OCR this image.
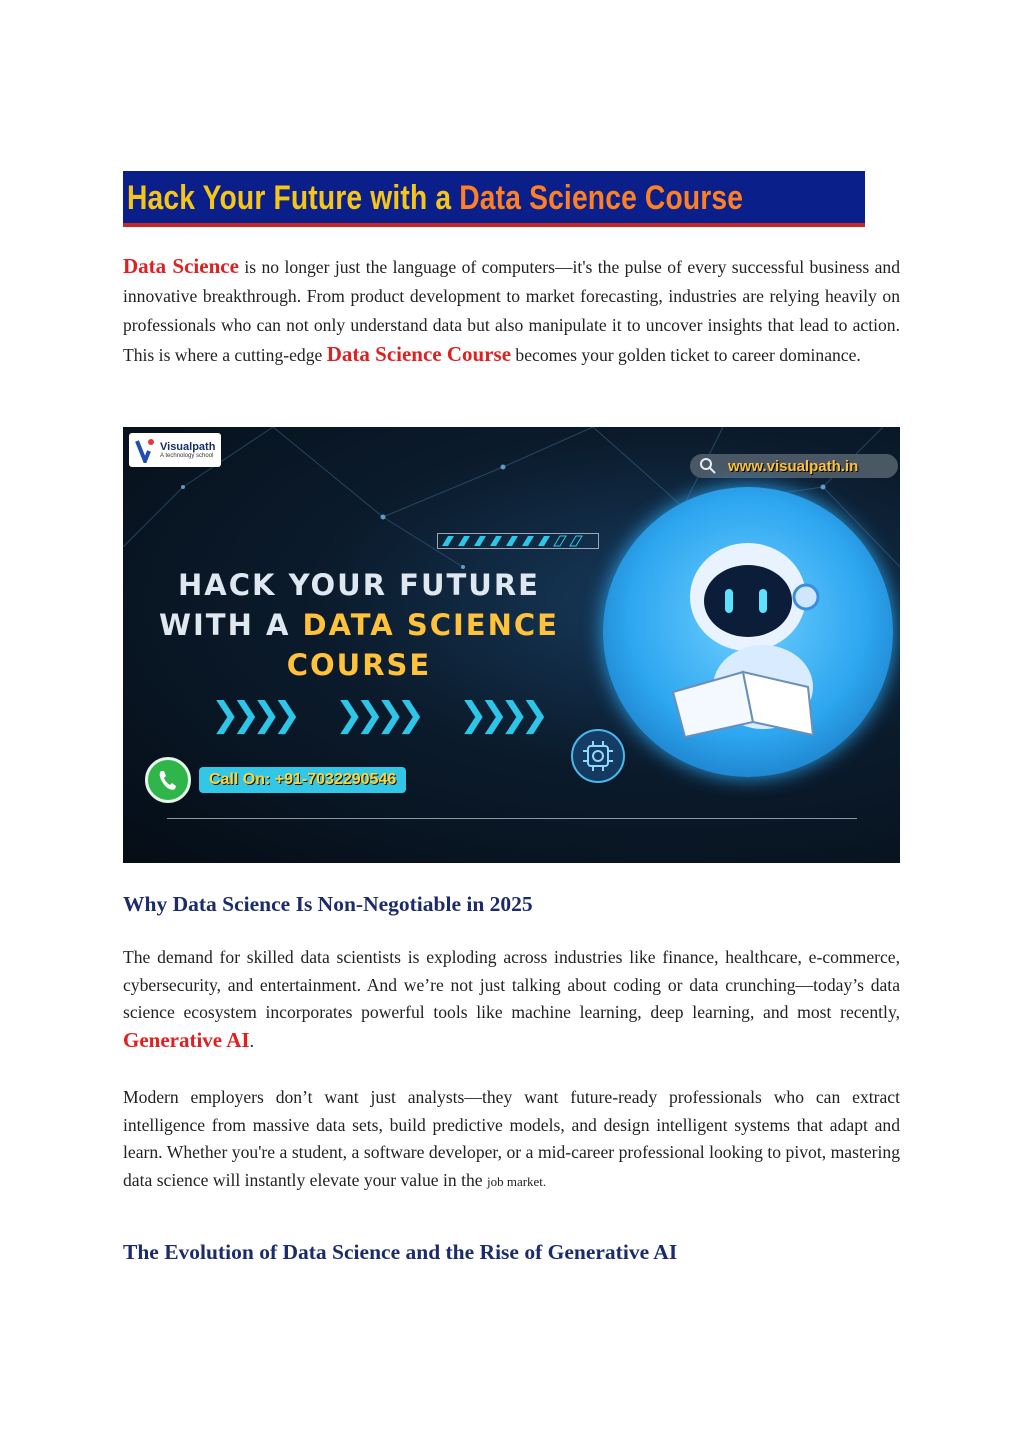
Hack Your Future with a Data Science Course
Data Science is no longer just the language of computers—it's the pulse of every successful business and innovative breakthrough. From product development to market forecasting, industries are relying heavily on professionals who can not only understand data but also manipulate it to uncover insights that lead to action. This is where a cutting-edge Data Science Course becomes your golden ticket to career dominance.
Visualpath
A technology school
www.visualpath.in
HACK YOUR FUTURE
WITH A DATA SCIENCE
COURSE
❯❯❯❯ ❯❯❯❯ ❯❯❯❯
Call On: +91-7032290546
Why Data Science Is Non-Negotiable in 2025
The demand for skilled data scientists is exploding across industries like finance, healthcare, e-commerce, cybersecurity, and entertainment. And we’re not just talking about coding or data crunching—today’s data science ecosystem incorporates powerful tools like machine learning, deep learning, and most recently, Generative AI.
Modern employers don’t want just analysts—they want future-ready professionals who can extract intelligence from massive data sets, build predictive models, and design intelligent systems that adapt and learn. Whether you're a student, a software developer, or a mid-career professional looking to pivot, mastering data science will instantly elevate your value in the job market.
The Evolution of Data Science and the Rise of Generative AI
